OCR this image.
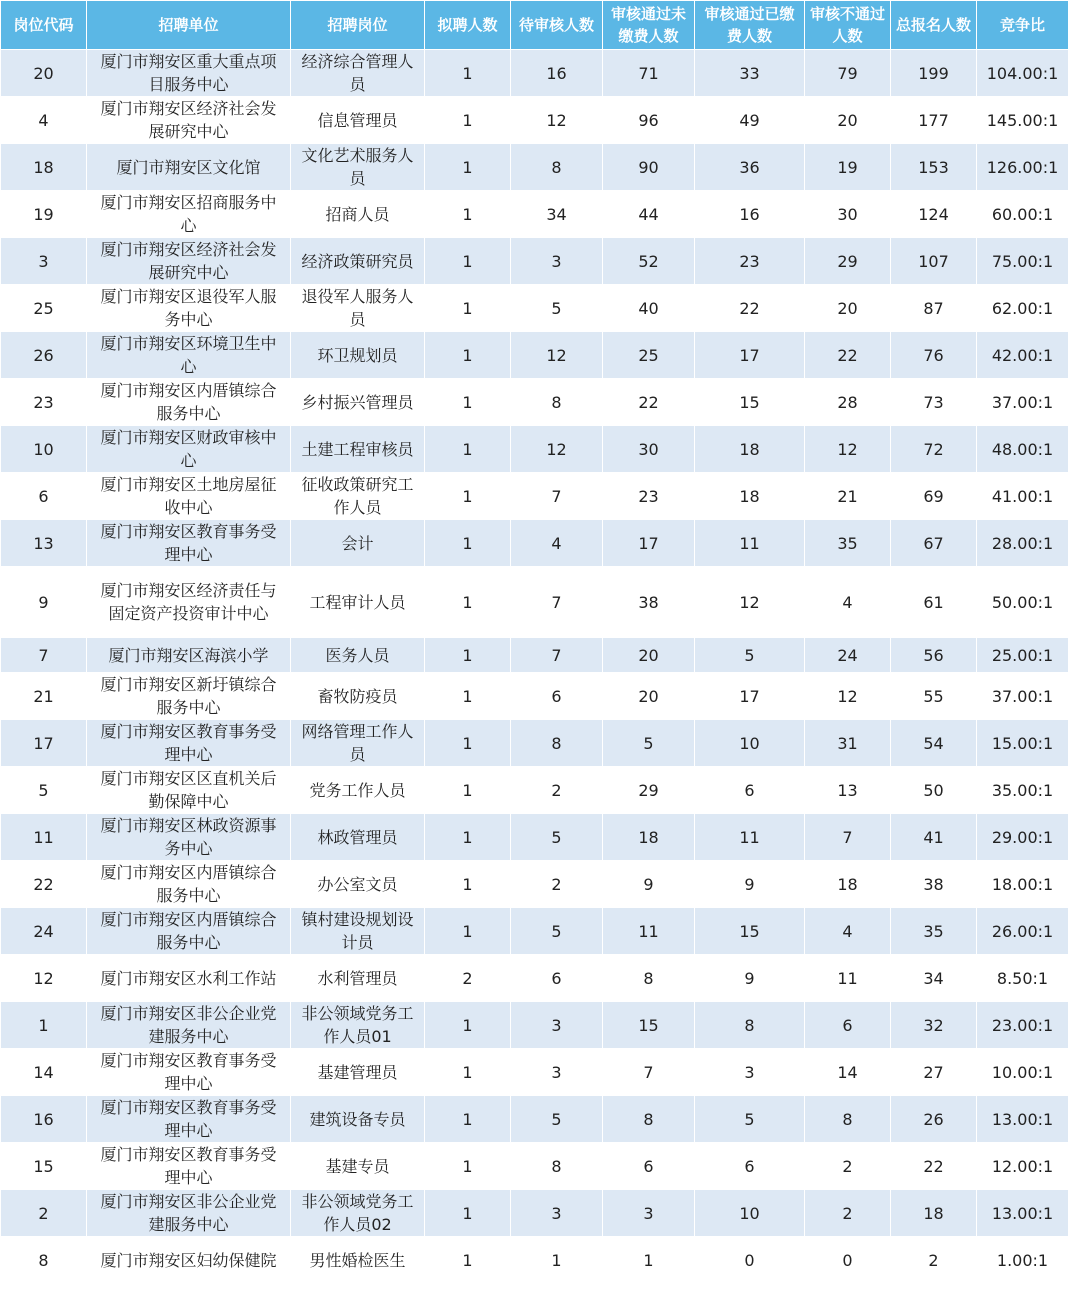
岗位代码	招聘单位	招聘岗位	拟聘人数	待审核人数	审核通过未缴费人数	审核通过已缴费人数	审核不通过人数	总报名人数	竞争比
20	厦门市翔安区重大重点项目服务中心	经济综合管理人员	1	16	71	33	79	199	104.00:1
4	厦门市翔安区经济社会发展研究中心	信息管理员	1	12	96	49	20	177	145.00:1
18	厦门市翔安区文化馆	文化艺术服务人员	1	8	90	36	19	153	126.00:1
19	厦门市翔安区招商服务中心	招商人员	1	34	44	16	30	124	60.00:1
3	厦门市翔安区经济社会发展研究中心	经济政策研究员	1	3	52	23	29	107	75.00:1
25	厦门市翔安区退役军人服务中心	退役军人服务人员	1	5	40	22	20	87	62.00:1
26	厦门市翔安区环境卫生中心	环卫规划员	1	12	25	17	22	76	42.00:1
23	厦门市翔安区内厝镇综合服务中心	乡村振兴管理员	1	8	22	15	28	73	37.00:1
10	厦门市翔安区财政审核中心	土建工程审核员	1	12	30	18	12	72	48.00:1
6	厦门市翔安区土地房屋征收中心	征收政策研究工作人员	1	7	23	18	21	69	41.00:1
13	厦门市翔安区教育事务受理中心	会计	1	4	17	11	35	67	28.00:1
9	厦门市翔安区经济责任与固定资产投资审计中心	工程审计人员	1	7	38	12	4	61	50.00:1
7	厦门市翔安区海滨小学	医务人员	1	7	20	5	24	56	25.00:1
21	厦门市翔安区新圩镇综合服务中心	畜牧防疫员	1	6	20	17	12	55	37.00:1
17	厦门市翔安区教育事务受理中心	网络管理工作人员	1	8	5	10	31	54	15.00:1
5	厦门市翔安区区直机关后勤保障中心	党务工作人员	1	2	29	6	13	50	35.00:1
11	厦门市翔安区林政资源事务中心	林政管理员	1	5	18	11	7	41	29.00:1
22	厦门市翔安区内厝镇综合服务中心	办公室文员	1	2	9	9	18	38	18.00:1
24	厦门市翔安区内厝镇综合服务中心	镇村建设规划设计员	1	5	11	15	4	35	26.00:1
12	厦门市翔安区水利工作站	水利管理员	2	6	8	9	11	34	8.50:1
1	厦门市翔安区非公企业党建服务中心	非公领域党务工作人员01	1	3	15	8	6	32	23.00:1
14	厦门市翔安区教育事务受理中心	基建管理员	1	3	7	3	14	27	10.00:1
16	厦门市翔安区教育事务受理中心	建筑设备专员	1	5	8	5	8	26	13.00:1
15	厦门市翔安区教育事务受理中心	基建专员	1	8	6	6	2	22	12.00:1
2	厦门市翔安区非公企业党建服务中心	非公领域党务工作人员02	1	3	3	10	2	18	13.00:1
8	厦门市翔安区妇幼保健院	男性婚检医生	1	1	1	0	0	2	1.00:1
